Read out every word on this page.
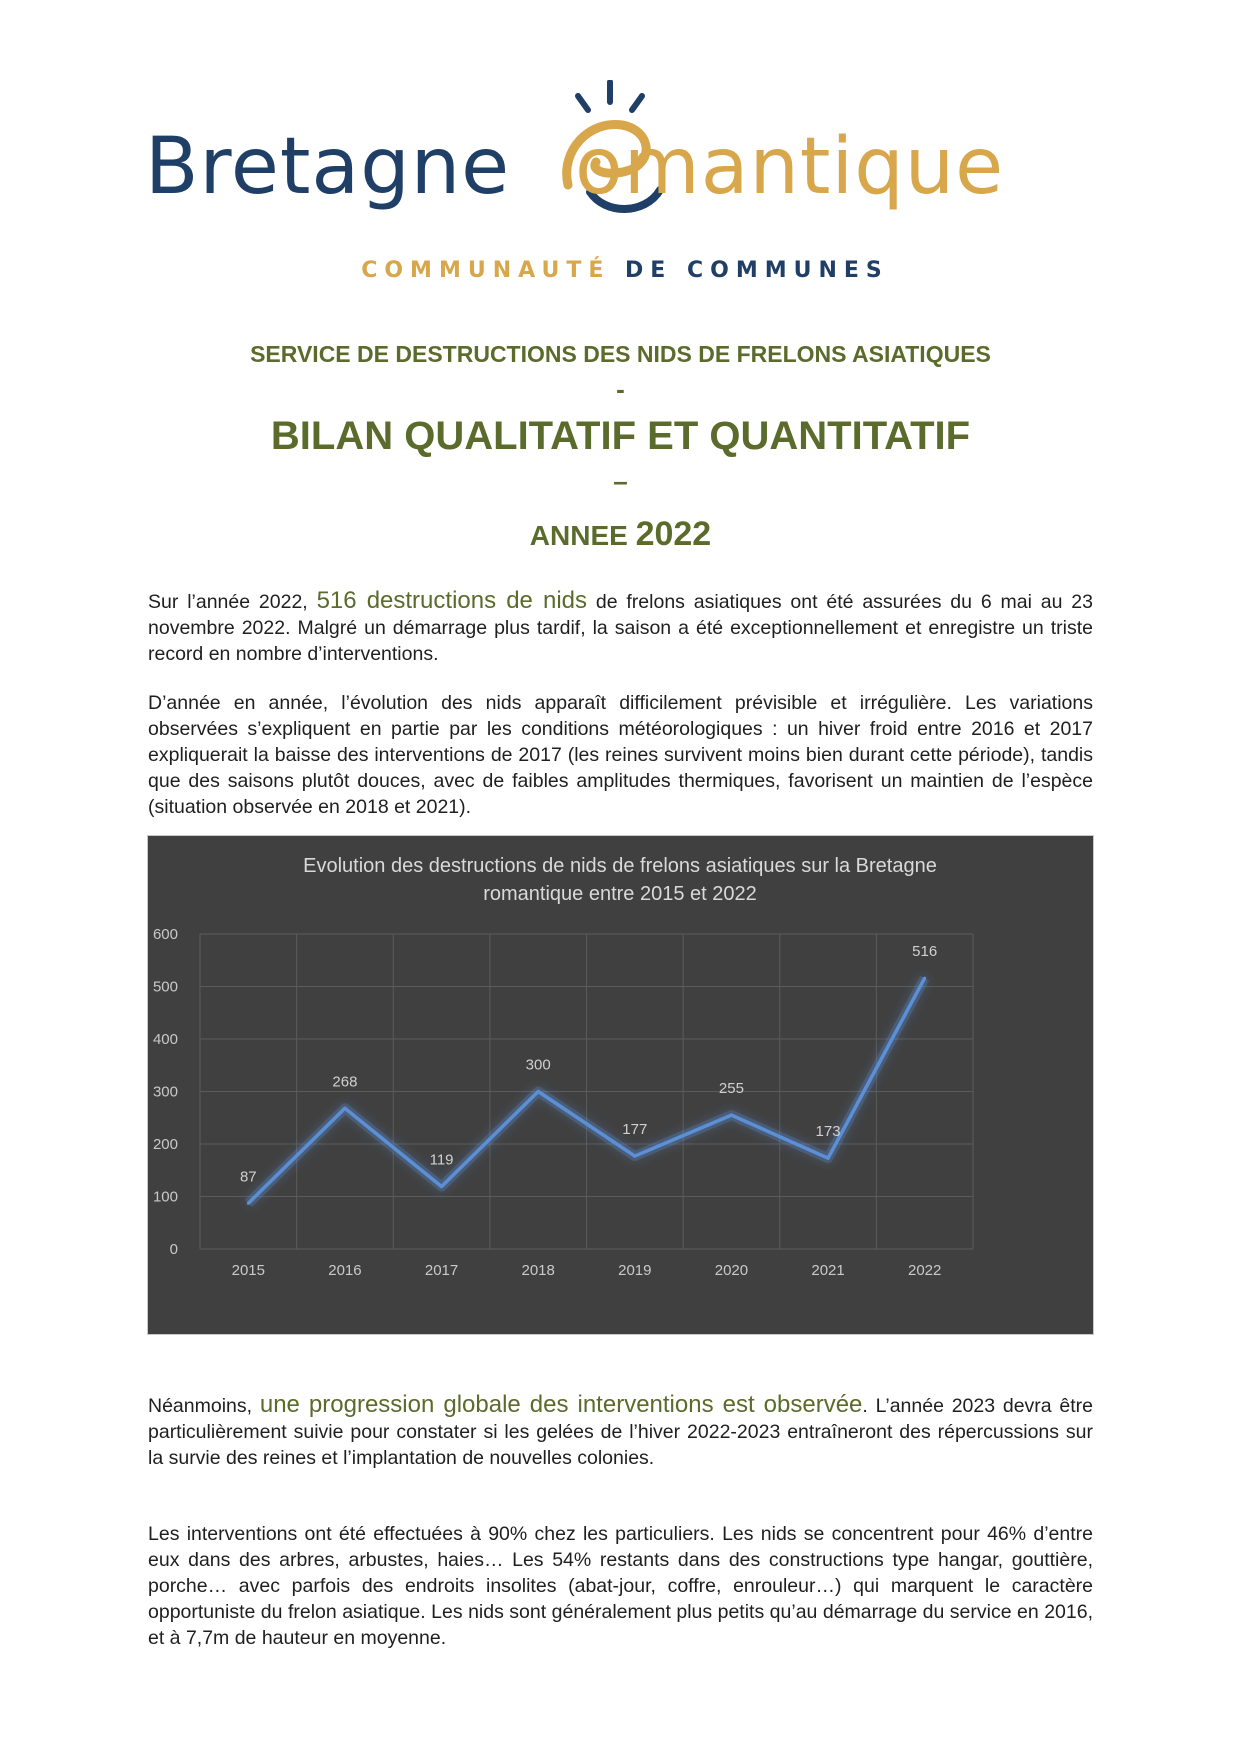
Bretagne omantique
COMMUNAUTÉ DE COMMUNES
SERVICE DE DESTRUCTIONS DES NIDS DE FRELONS ASIATIQUES
-
BILAN QUALITATIF ET QUANTITATIF
–
ANNEE 2022
Sur l’année 2022, 516 destructions de nids de frelons asiatiques ont été assurées du 6 mai au 23 novembre 2022. Malgré un démarrage plus tardif, la saison a été exceptionnellement et enregistre un triste record en nombre d’interventions.
D’année en année, l’évolution des nids apparaît difficilement prévisible et irrégulière. Les variations observées s’expliquent en partie par les conditions météorologiques : un hiver froid entre 2016 et 2017 expliquerait la baisse des interventions de 2017 (les reines survivent moins bien durant cette période), tandis que des saisons plutôt douces, avec de faibles amplitudes thermiques, favorisent un maintien de l’espèce (situation observée en 2018 et 2021).
Evolution des destructions de nids de frelons asiatiques sur la Bretagne
romantique entre 2015 et 2022
0
100
200
300
400
500
600
2015	2016	2017	2018	2019	2020	2021	2022
87
268
119
300
177
255
173
516
Néanmoins, une progression globale des interventions est observée. L’année 2023 devra être particulièrement suivie pour constater si les gelées de l’hiver 2022-2023 entraîneront des répercussions sur la survie des reines et l’implantation de nouvelles colonies.
Les interventions ont été effectuées à 90% chez les particuliers. Les nids se concentrent pour 46% d’entre eux dans des arbres, arbustes, haies… Les 54% restants dans des constructions type hangar, gouttière, porche… avec parfois des endroits insolites (abat-jour, coffre, enrouleur…) qui marquent le caractère opportuniste du frelon asiatique. Les nids sont généralement plus petits qu’au démarrage du service en 2016, et à 7,7m de hauteur en moyenne.
